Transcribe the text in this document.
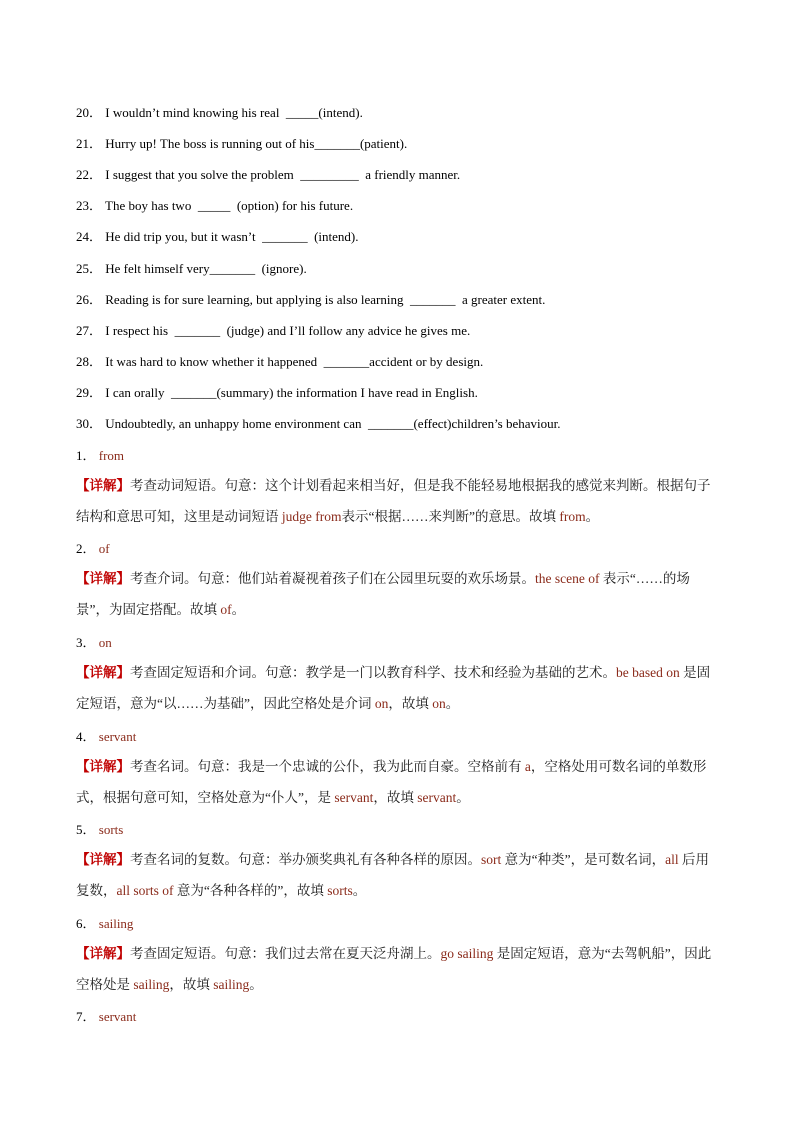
20． I wouldn’t mind knowing his real  _____(intend).
21． Hurry up! The boss is running out of his_______(patient).
22． I suggest that you solve the problem  _________  a friendly manner.
23． The boy has two  _____  (option) for his future.
24． He did trip you, but it wasn’t  _______  (intend).
25． He felt himself very_______  (ignore).
26． Reading is for sure learning, but applying is also learning  _______  a greater extent.
27． I respect his  _______  (judge) and I’ll follow any advice he gives me.
28． It was hard to know whether it happened  _______accident or by design.
29． I can orally  _______(summary) the information I have read in English.
30． Undoubtedly, an unhappy home environment can  _______(effect)children’s behaviour.
1． from
【详解】考查动词短语。句意：这个计划看起来相当好，但是我不能轻易地根据我的感觉来判断。根据句子结构和意思可知，这里是动词短语 judge from表示“根据……来判断”的意思。故填 from。
2． of
【详解】考查介词。句意：他们站着凝视着孩子们在公园里玩耍的欢乐场景。the scene of 表示“……的场景”，为固定搭配。故填 of。
3． on
【详解】考查固定短语和介词。句意：教学是一门以教育科学、技术和经验为基础的艺术。be based on 是固定短语，意为“以……为基础”，因此空格处是介词 on，故填 on。
4． servant
【详解】考查名词。句意：我是一个忠诚的公仆，我为此而自豪。空格前有 a，空格处用可数名词的单数形式，根据句意可知，空格处意为“仆人”，是 servant，故填 servant。
5． sorts
【详解】考查名词的复数。句意：举办颁奖典礼有各种各样的原因。sort 意为“种类”，是可数名词，all 后用复数，all sorts of 意为“各种各样的”，故填 sorts。
6． sailing
【详解】考查固定短语。句意：我们过去常在夏天泛舟湖上。go sailing 是固定短语，意为“去驾帆船”，因此空格处是 sailing，故填 sailing。
7． servant
